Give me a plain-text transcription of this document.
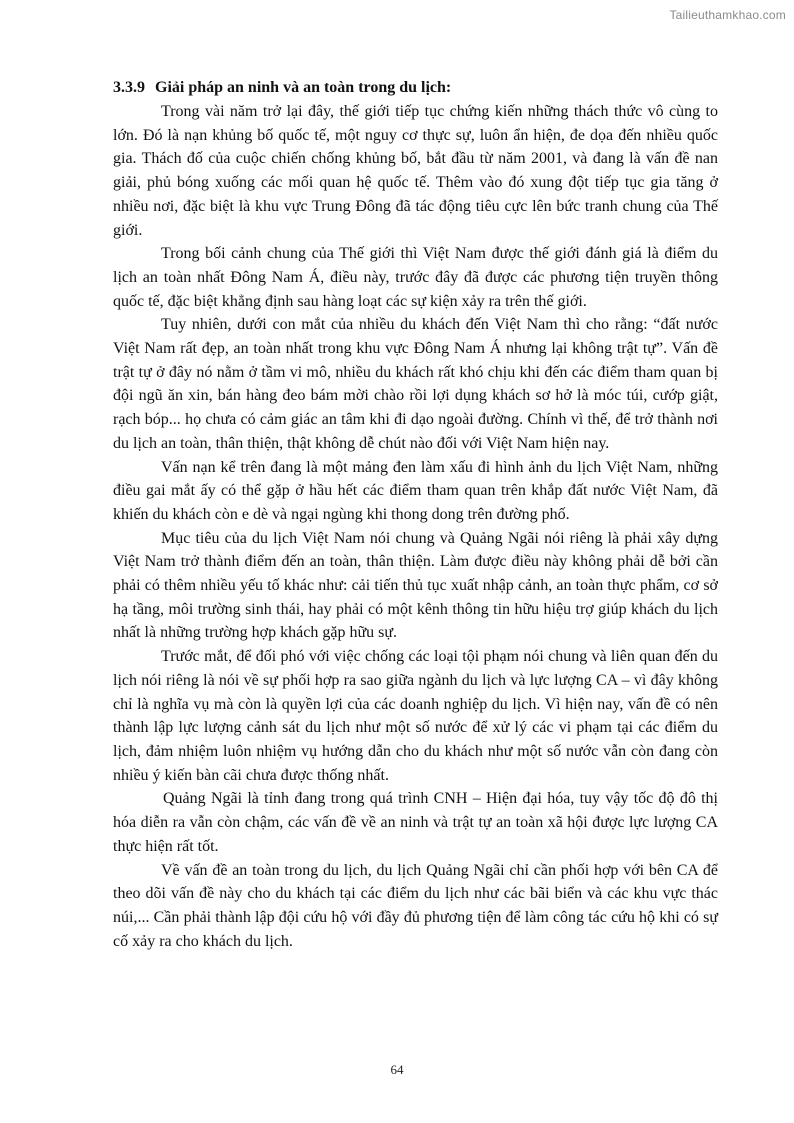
Tailieuthamkhao.com

3.3.9 Giải pháp an ninh và an toàn trong du lịch:

Trong vài năm trở lại đây, thế giới tiếp tục chứng kiến những thách thức vô cùng to lớn. Đó là nạn khủng bố quốc tế, một nguy cơ thực sự, luôn ẩn hiện, đe dọa đến nhiều quốc gia. Thách đố của cuộc chiến chống khủng bố, bắt đầu từ năm 2001, và đang là vấn đề nan giải, phủ bóng xuống các mối quan hệ quốc tế. Thêm vào đó xung đột tiếp tục gia tăng ở nhiều nơi, đặc biệt là khu vực Trung Đông đã tác động tiêu cực lên bức tranh chung của Thế giới.

Trong bối cảnh chung của Thế giới thì Việt Nam được thế giới đánh giá là điểm du lịch an toàn nhất Đông Nam Á, điều này, trước đây đã được các phương tiện truyền thông quốc tế, đặc biệt khẳng định sau hàng loạt các sự kiện xảy ra trên thế giới.

Tuy nhiên, dưới con mắt của nhiều du khách đến Việt Nam thì cho rằng: “đất nước Việt Nam rất đẹp, an toàn nhất trong khu vực Đông Nam Á nhưng lại không trật tự”. Vấn đề trật tự ở đây nó nằm ở tầm vi mô, nhiều du khách rất khó chịu khi đến các điểm tham quan bị đội ngũ ăn xin, bán hàng đeo bám mời chào rồi lợi dụng khách sơ hở là móc túi, cướp giật, rạch bóp... họ chưa có cảm giác an tâm khi đi dạo ngoài đường. Chính vì thế, để trở thành nơi du lịch an toàn, thân thiện, thật không dễ chút nào đối với Việt Nam hiện nay.

Vấn nạn kể trên đang là một mảng đen làm xấu đi hình ảnh du lịch Việt Nam, những điều gai mắt ấy có thể gặp ở hầu hết các điểm tham quan trên khắp đất nước Việt Nam, đã khiến du khách còn e dè và ngại ngùng khi thong dong trên đường phố.

Mục tiêu của du lịch Việt Nam nói chung và Quảng Ngãi nói riêng là phải xây dựng Việt Nam trở thành điểm đến an toàn, thân thiện. Làm được điều này không phải dễ bởi cần phải có thêm nhiều yếu tố khác như: cải tiến thủ tục xuất nhập cảnh, an toàn thực phẩm, cơ sở hạ tầng, môi trường sinh thái, hay phải có một kênh thông tin hữu hiệu trợ giúp khách du lịch nhất là những trường hợp khách gặp hữu sự.

Trước mắt, để đối phó với việc chống các loại tội phạm nói chung và liên quan đến du lịch nói riêng là nói về sự phối hợp ra sao giữa ngành du lịch và lực lượng CA – vì đây không chỉ là nghĩa vụ mà còn là quyền lợi của các doanh nghiệp du lịch. Vì hiện nay, vấn đề có nên thành lập lực lượng cảnh sát du lịch như một số nước để xử lý các vi phạm tại các điểm du lịch, đảm nhiệm luôn nhiệm vụ hướng dẫn cho du khách như một số nước vẫn còn đang còn nhiều ý kiến bàn cãi chưa được thống nhất.

Quảng Ngãi là tỉnh đang trong quá trình CNH – Hiện đại hóa, tuy vậy tốc độ đô thị hóa diễn ra vẫn còn chậm, các vấn đề về an ninh và trật tự an toàn xã hội được lực lượng CA thực hiện rất tốt.

Về vấn đề an toàn trong du lịch, du lịch Quảng Ngãi chỉ cần phối hợp với bên CA để theo dõi vấn đề này cho du khách tại các điểm du lịch như các bãi biển và các khu vực thác núi,... Cần phải thành lập đội cứu hộ với đầy đủ phương tiện để làm công tác cứu hộ khi có sự cố xảy ra cho khách du lịch.

64
